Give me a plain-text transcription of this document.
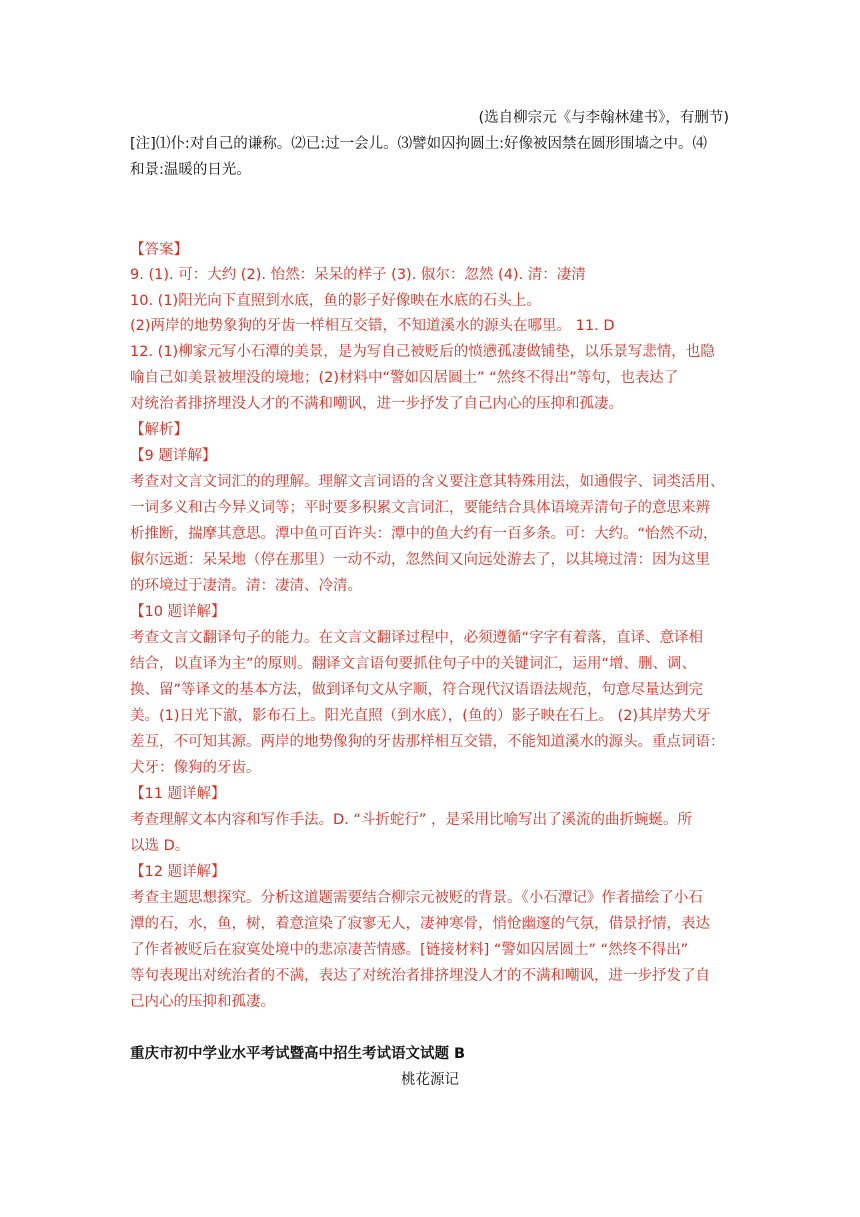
(选自柳宗元《与李翰林建书》，有删节)
[注]⑴仆:对自己的谦称。⑵已:过一会儿。⑶譬如囚拘圆土:好像被因禁在圆形围墙之中。⑷
和景:温暖的日光。
【答案】
9. (1). 可：大约 (2). 怡然：呆呆的样子 (3). 俶尔：忽然 (4). 清：凄清
10. (1)阳光向下直照到水底，鱼的影子好像映在水底的石头上。
(2)两岸的地势象狗的牙齿一样相互交错，不知道溪水的源头在哪里。 11. D
12. (1)柳家元写小石潭的美景，是为写自己被贬后的愤懑孤凄做铺垫，以乐景写悲情，也隐
喻自己如美景被埋没的境地；(2)材料中“警如囚居圆土” “然终不得出”等句，也表达了
对统治者排挤埋没人才的不满和嘲讽，进一步抒发了自己内心的压抑和孤凄。
【解析】
【9 题详解】
考查对文言文词汇的的理解。理解文言词语的含义要注意其特殊用法，如通假字、词类活用、
一词多义和古今异义词等；平时要多积累文言词汇，要能结合具体语境弄清句子的意思来辨
析推断，揣摩其意思。潭中鱼可百许头：潭中的鱼大约有一百多条。可：大约。“怡然不动，
俶尔远逝：呆呆地（停在那里）一动不动，忽然间又向远处游去了，以其境过清：因为这里
的环境过于凄清。清：凄清、冷清。
【10 题详解】
考查文言文翻译句子的能力。在文言文翻译过程中，必须遵循“字字有着落，直译、意译相
结合，以直译为主”的原则。翻译文言语句要抓住句子中的关键词汇，运用“增、删、调、
换、留”等译文的基本方法，做到译句文从字顺，符合现代汉语语法规范，句意尽量达到完
美。(1)日光下澈，影布石上。阳光直照（到水底），(鱼的）影子映在石上。 (2)其岸势犬牙
差互，不可知其源。两岸的地势像狗的牙齿那样相互交错，不能知道溪水的源头。重点词语：
犬牙：像狗的牙齿。
【11 题详解】
考查理解文本内容和写作手法。D. “斗折蛇行” ，是采用比喻写出了溪流的曲折蜿蜒。所
以选 D。
【12 题详解】
考查主题思想探究。分析这道题需要结合柳宗元被贬的背景。《小石潭记》作者描绘了小石
潭的石，水，鱼，树，着意渲染了寂寥无人，凄神寒骨，悄怆幽邃的气氛，借景抒情，表达
了作者被贬后在寂寞处境中的悲凉凄苦情感。[链接材料] “警如囚居圆土” “然终不得出”
等句表现出对统治者的不满，表达了对统治者排挤埋没人才的不满和嘲讽，进一步抒发了自
己内心的压抑和孤凄。
重庆市初中学业水平考试暨高中招生考试语文试题 B
桃花源记
